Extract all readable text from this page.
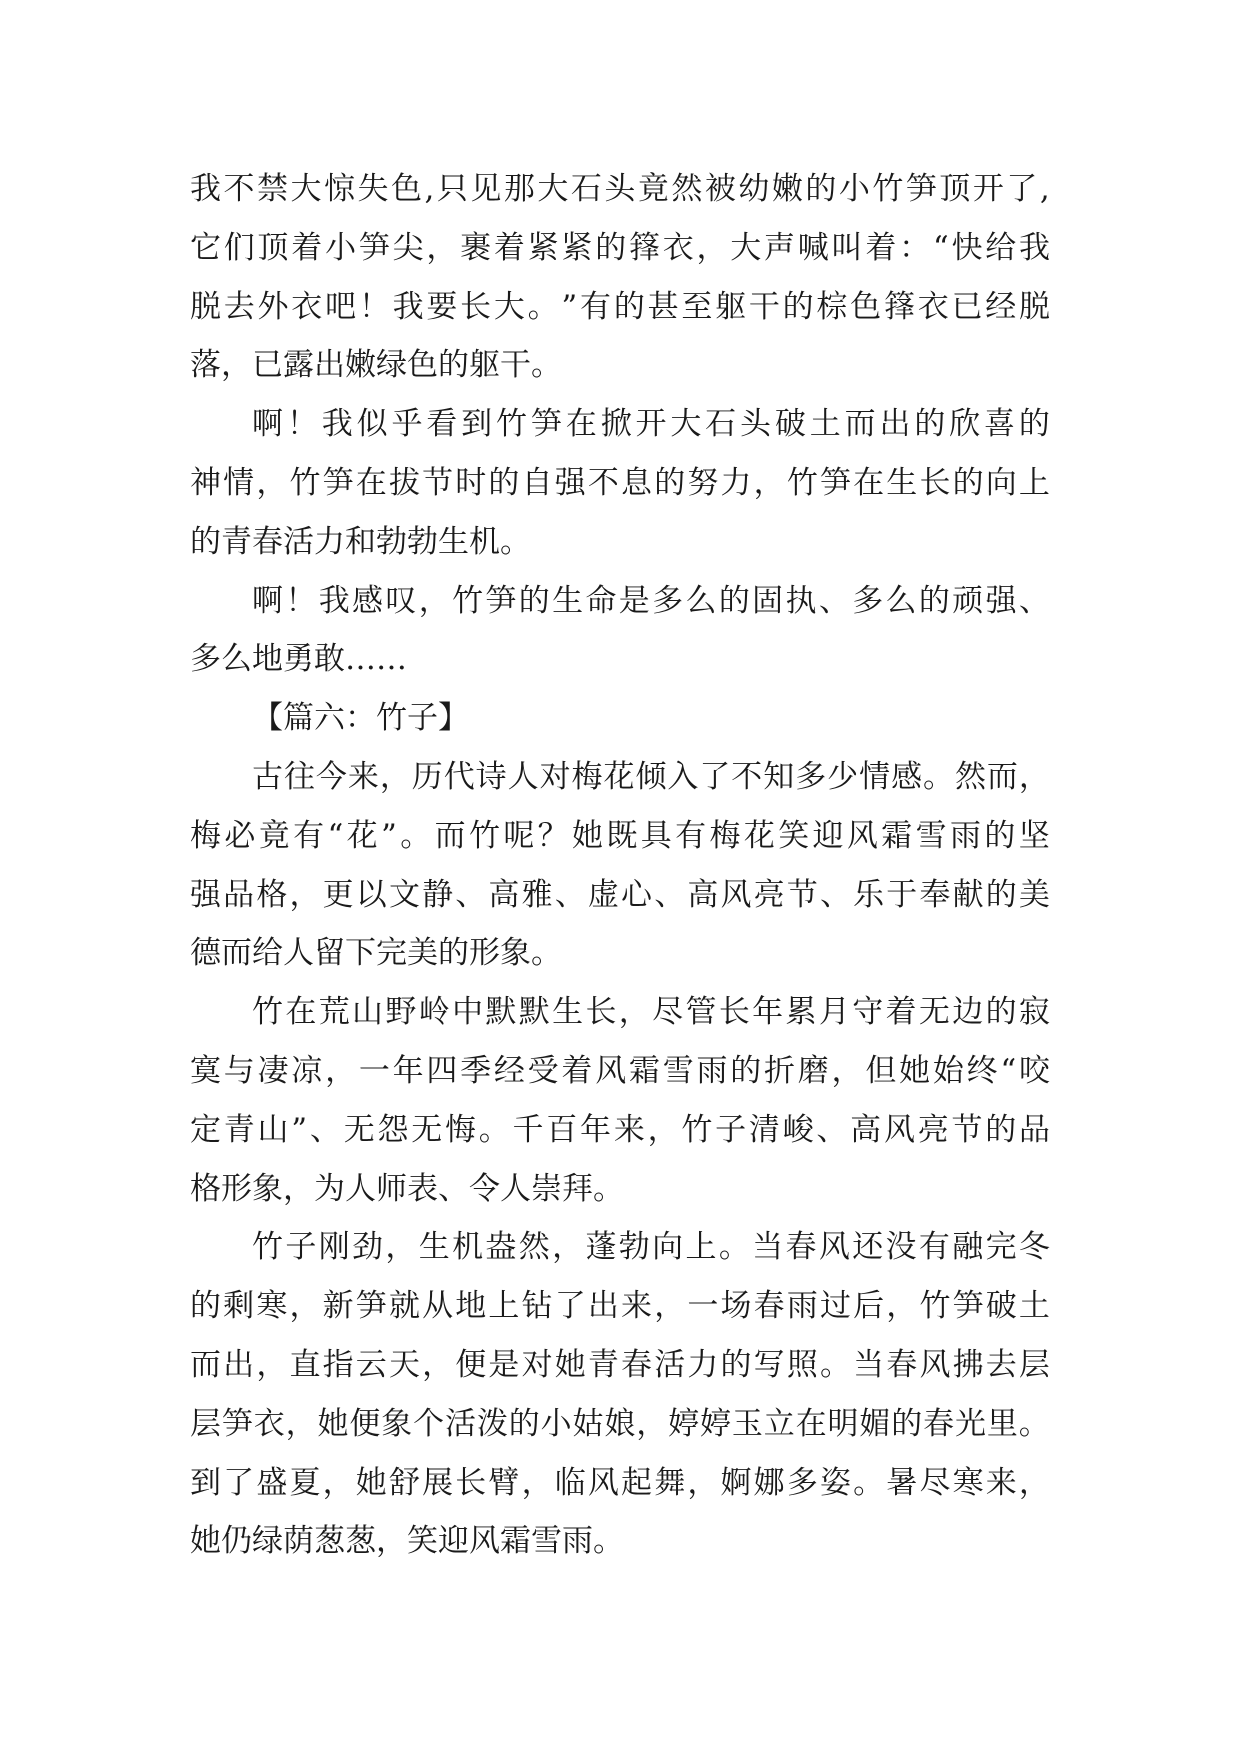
我 不 禁 大 惊 失 色 , 只 见 那 大 石 头 竟 然 被 幼 嫩 的 小 竹 笋 顶 开 了 ,
它 们 顶 着 小 笋 尖 ， 裹 着 紧 紧 的 箨 衣 ， 大 声 喊 叫 着 ： “ 快 给 我
脱 去 外 衣 吧 ！ 我 要 长 大 。 ” 有 的 甚 至 躯 干 的 棕 色 箨 衣 已 经 脱
落，已露出嫩绿色的躯干。
啊 ！ 我 似 乎 看 到 竹 笋 在 掀 开 大 石 头 破 土 而 出 的 欣 喜 的
神 情 ， 竹 笋 在 拔 节 时 的 自 强 不 息 的 努 力 ， 竹 笋 在 生 长 的 向 上
的青春活力和勃勃生机。
啊 ！ 我 感 叹 ， 竹 笋 的 生 命 是 多 么 的 固 执 、 多 么 的 顽 强 、
多么地勇敢……
【篇六：竹子】
古 往 今 来 ， 历 代 诗 人 对 梅 花 倾 入 了 不 知 多 少 情 感 。 然 而 ，
梅 必 竟 有 “ 花 ” 。 而 竹 呢 ？ 她 既 具 有 梅 花 笑 迎 风 霜 雪 雨 的 坚
强 品 格 ， 更 以 文 静 、 高 雅 、 虚 心 、 高 风 亮 节 、 乐 于 奉 献 的 美
德而给人留下完美的形象。
竹 在 荒 山 野 岭 中 默 默 生 长 ， 尽 管 长 年 累 月 守 着 无 边 的 寂
寞 与 凄 凉 ， 一 年 四 季 经 受 着 风 霜 雪 雨 的 折 磨 ， 但 她 始 终 “ 咬
定 青 山 ” 、 无 怨 无 悔 。 千 百 年 来 ， 竹 子 清 峻 、 高 风 亮 节 的 品
格形象，为人师表、令人崇拜。
竹 子 刚 劲 ， 生 机 盎 然 ， 蓬 勃 向 上 。 当 春 风 还 没 有 融 完 冬
的 剩 寒 ， 新 笋 就 从 地 上 钻 了 出 来 ， 一 场 春 雨 过 后 ， 竹 笋 破 土
而 出 ， 直 指 云 天 ， 便 是 对 她 青 春 活 力 的 写 照 。 当 春 风 拂 去 层
层 笋 衣 ， 她 便 象 个 活 泼 的 小 姑 娘 ， 婷 婷 玉 立 在 明 媚 的 春 光 里 。
到 了 盛 夏 ， 她 舒 展 长 臂 ， 临 风 起 舞 ， 婀 娜 多 姿 。 暑 尽 寒 来 ，
她仍绿荫葱葱，笑迎风霜雪雨。
